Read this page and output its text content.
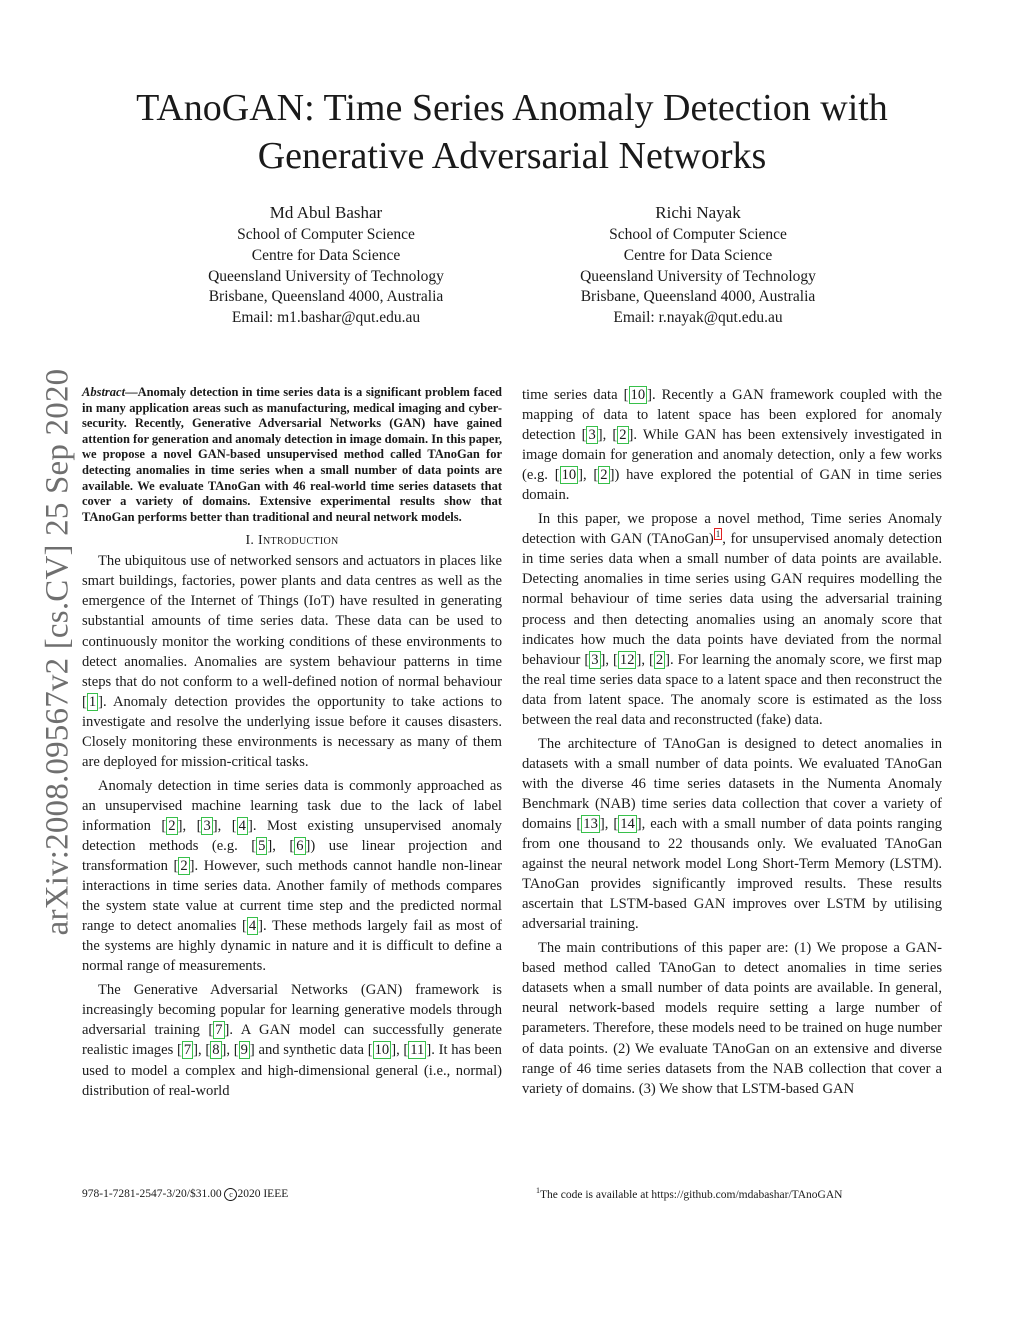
TAnoGAN: Time Series Anomaly Detection with Generative Adversarial Networks
Md Abul Bashar
School of Computer Science
Centre for Data Science
Queensland University of Technology
Brisbane, Queensland 4000, Australia
Email: m1.bashar@qut.edu.au
Richi Nayak
School of Computer Science
Centre for Data Science
Queensland University of Technology
Brisbane, Queensland 4000, Australia
Email: r.nayak@qut.edu.au
arXiv:2008.09567v2 [cs.CV] 25 Sep 2020 Abstract—Anomaly detection in time series data is a significant problem faced in many application areas such as manufacturing, medical imaging and cyber-security. Recently, Generative Adversarial Networks (GAN) have gained attention for generation and anomaly detection in image domain. In this paper, we propose a novel GAN-based unsupervised method called TAnoGan for detecting anomalies in time series when a small number of data points are available. We evaluate TAnoGan with 46 real-world time series datasets that cover a variety of domains. Extensive experimental results show that TAnoGan performs better than traditional and neural network models.

I. Introduction

The ubiquitous use of networked sensors and actuators in places like smart buildings, factories, power plants and data centres as well as the emergence of the Internet of Things (IoT) have resulted in generating substantial amounts of time series data. These data can be used to continuously monitor the working conditions of these environments to detect anomalies. Anomalies are system behaviour patterns in time steps that do not conform to a well-defined notion of normal behaviour [ 1 ]. Anomaly detection provides the opportunity to take actions to investigate and resolve the underlying issue before it causes disasters. Closely monitoring these environments is necessary as many of them are deployed for mission-critical tasks.

Anomaly detection in time series data is commonly approached as an unsupervised machine learning task due to the lack of label information [ 2 ], [ 3 ], [ 4 ]. Most existing unsupervised anomaly detection methods (e.g. [ 5 ], [ 6 ]) use linear projection and transformation [ 2 ]. However, such methods cannot handle non-linear interactions in time series data. Another family of methods compares the system state value at current time step and the predicted normal range to detect anomalies [ 4 ]. These methods largely fail as most of the systems are highly dynamic in nature and it is difficult to define a normal range of measurements.

The Generative Adversarial Networks (GAN) framework is increasingly becoming popular for learning generative models through adversarial training [ 7 ]. A GAN model can successfully generate realistic images [ 7 ], [ 8 ], [ 9 ] and synthetic data [ 10 ], [ 11 ]. It has been used to model a complex and high-dimensional general (i.e., normal) distribution of real-world

time series data [ 10 ]. Recently a GAN framework coupled with the mapping of data to latent space has been explored for anomaly detection [ 3 ], [ 2 ]. While GAN has been extensively investigated in image domain for generation and anomaly detection, only a few works (e.g. [ 10 ], [ 2 ]) have explored the potential of GAN in time series domain.

In this paper, we propose a novel method, Time series Anomaly detection with GAN (TAnoGan) $^1$ , for unsupervised anomaly detection in time series data when a small number of data points are available. Detecting anomalies in time series using GAN requires modelling the normal behaviour of time series data using the adversarial training process and then detecting anomalies using an anomaly score that indicates how much the data points have deviated from the normal behaviour [ 3 ], [ 12 ], [ 2 ]. For learning the anomaly score, we first map the real time series data space to a latent space and then reconstruct the data from latent space. The anomaly score is estimated as the loss between the real data and reconstructed (fake) data.

The architecture of TAnoGan is designed to detect anomalies in datasets with a small number of data points. We evaluated TAnoGan with the diverse 46 time series datasets in the Numenta Anomaly Benchmark (NAB) time series data collection that cover a variety of domains [ 13 ], [ 14 ], each with a small number of data points ranging from one thousand to 22 thousands only. We evaluated TAnoGan against the neural network model Long Short-Term Memory (LSTM). TAnoGan provides significantly improved results. These results ascertain that LSTM-based GAN improves over LSTM by utilising adversarial training.

The main contributions of this paper are: (1) We propose a GAN-based method called TAnoGan to detect anomalies in time series datasets when a small number of data points are available. In general, neural network-based models require setting a large number of parameters. Therefore, these models need to be trained on huge number of data points. (2) We evaluate TAnoGan on an extensive and diverse range of 46 time series datasets from the NAB collection that cover a variety of domains. (3) We show that LSTM-based GAN

978-1-7281-2547-3/20/$31.00 c 2020 IEEE	$^1$The code is available at https://github.com/mdabashar/TAnoGAN
